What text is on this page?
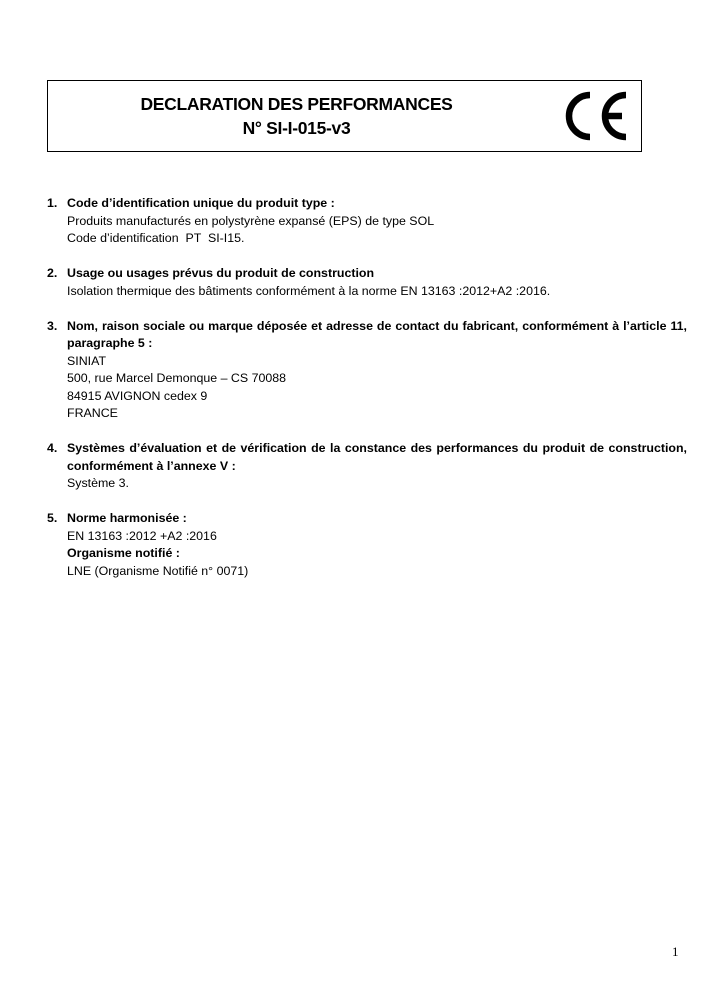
DECLARATION DES PERFORMANCES
N° SI-I-015-v3
1. Code d’identification unique du produit type :
Produits manufacturés en polystyrène expansé (EPS) de type SOL
Code d’identification  PT  SI-I15.
2. Usage ou usages prévus du produit de construction
Isolation thermique des bâtiments conformément à la norme EN 13163 :2012+A2 :2016.
3. Nom, raison sociale ou marque déposée et adresse de contact du fabricant, conformément à l’article 11, paragraphe 5 :
SINIAT
500, rue Marcel Demonque – CS 70088
84915 AVIGNON cedex 9
FRANCE
4. Systèmes d’évaluation et de vérification de la constance des performances du produit de construction, conformément à l’annexe V :
Système 3.
5. Norme harmonisée :
EN 13163 :2012 +A2 :2016
Organisme notifié :
LNE (Organisme Notifié n° 0071)
1
